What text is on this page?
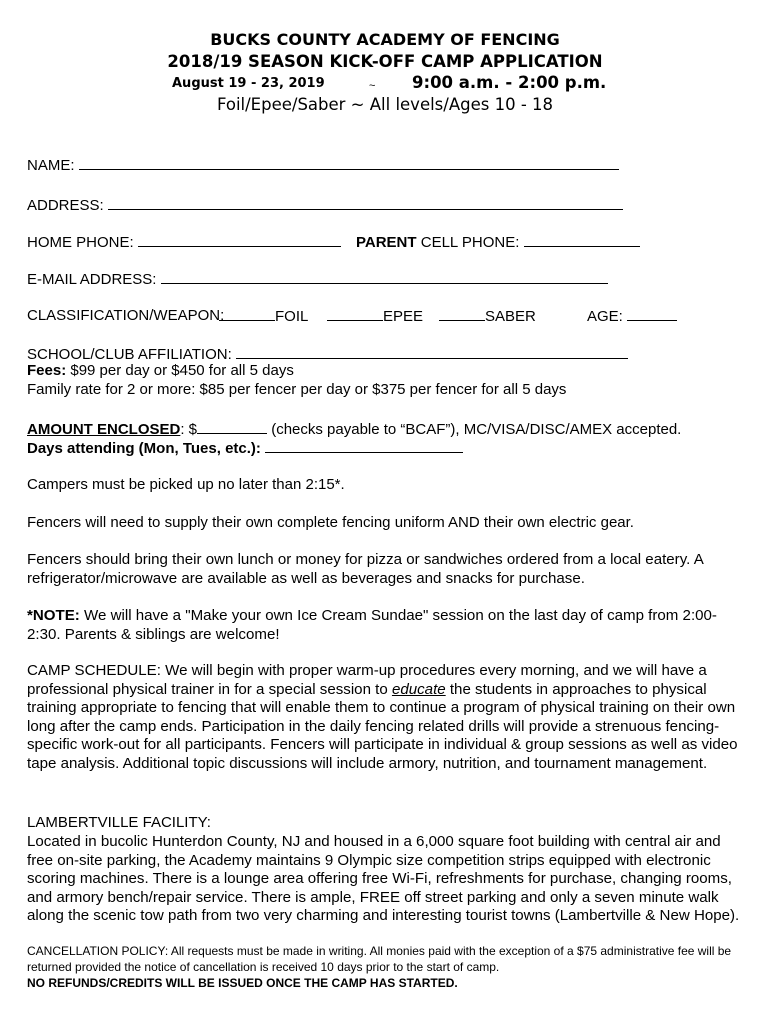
BUCKS COUNTY ACADEMY OF FENCING
2018/19 SEASON KICK-OFF CAMP APPLICATION
August 19 - 23, 2019	~ 9:00 a.m. - 2:00 p.m.
Foil/Epee/Saber ~ All levels/Ages 10 - 18
NAME:
ADDRESS:
HOME PHONE:	PARENT CELL PHONE:
E-MAIL ADDRESS:
CLASSIFICATION/WEAPON:	FOIL	EPEE	SABER	AGE:
SCHOOL/CLUB AFFILIATION:
Fees: $99 per day or $450 for all 5 days
Family rate for 2 or more: $85 per fencer per day or $375 per fencer for all 5 days
AMOUNT ENCLOSED: $	(checks payable to “BCAF”), MC/VISA/DISC/AMEX accepted.
Days attending (Mon, Tues, etc.):
Campers must be picked up no later than 2:15*.
Fencers will need to supply their own complete fencing uniform AND their own electric gear.
Fencers should bring their own lunch or money for pizza or sandwiches ordered from a local eatery. A refrigerator/microwave are available as well as beverages and snacks for purchase.
*NOTE: We will have a "Make your own Ice Cream Sundae" session on the last day of camp from 2:00-2:30. Parents & siblings are welcome!
CAMP SCHEDULE: We will begin with proper warm-up procedures every morning, and we will have a professional physical trainer in for a special session to educate the students in approaches to physical training appropriate to fencing that will enable them to continue a program of physical training on their own long after the camp ends. Participation in the daily fencing related drills will provide a strenuous fencing-specific work-out for all participants. Fencers will participate in individual & group sessions as well as video tape analysis. Additional topic discussions will include armory, nutrition, and tournament management.
LAMBERTVILLE FACILITY:
Located in bucolic Hunterdon County, NJ and housed in a 6,000 square foot building with central air and free on-site parking, the Academy maintains 9 Olympic size competition strips equipped with electronic scoring machines. There is a lounge area offering free Wi-Fi, refreshments for purchase, changing rooms, and armory bench/repair service. There is ample, FREE off street parking and only a seven minute walk along the scenic tow path from two very charming and interesting tourist towns (Lambertville & New Hope).
CANCELLATION POLICY: All requests must be made in writing. All monies paid with the exception of a $75 administrative fee will be returned provided the notice of cancellation is received 10 days prior to the start of camp.
NO REFUNDS/CREDITS WILL BE ISSUED ONCE THE CAMP HAS STARTED.
